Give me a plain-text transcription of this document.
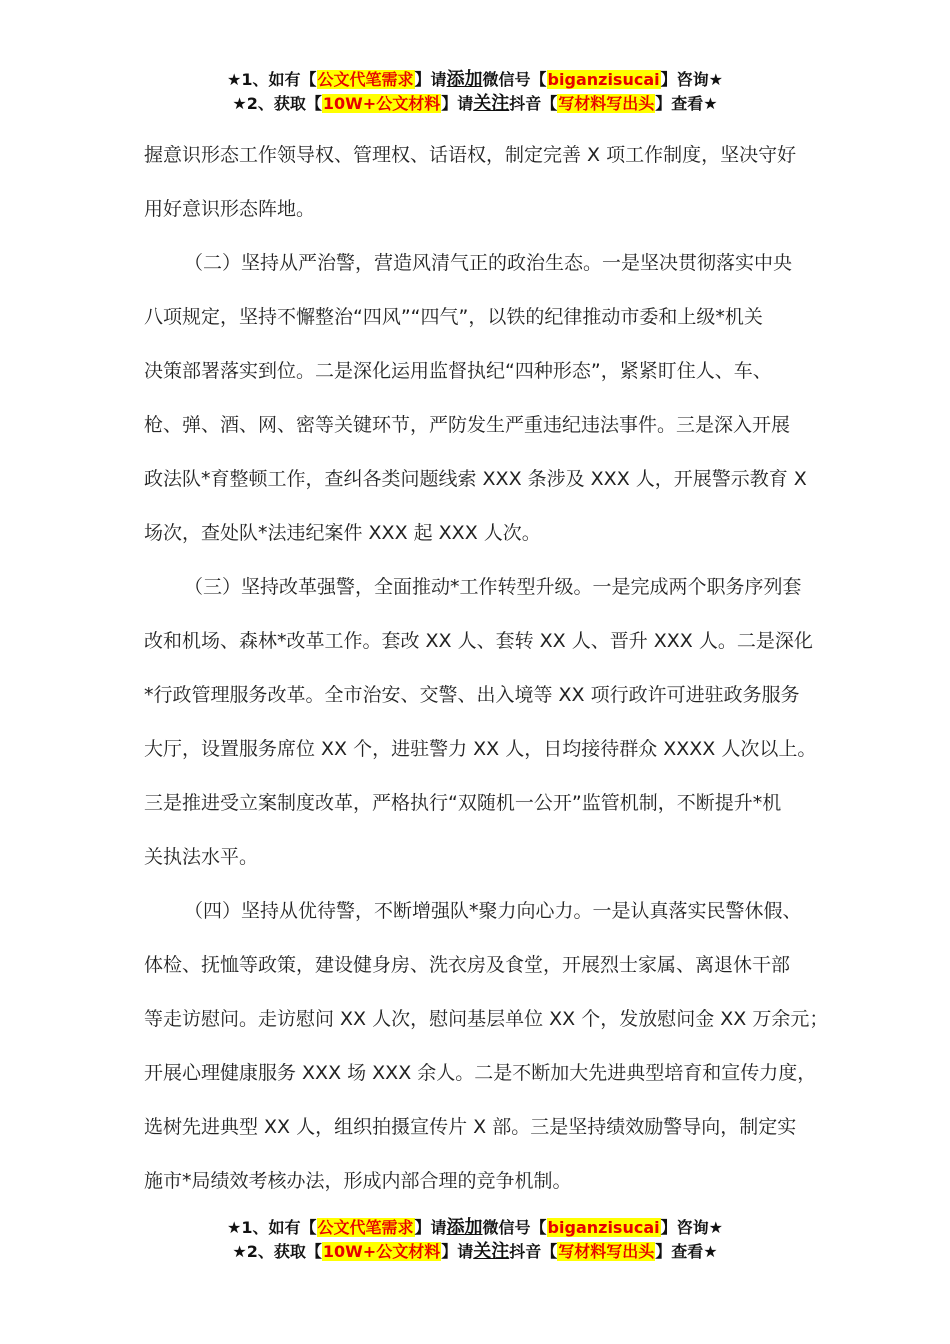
★1、如有【公文代笔需求】请添加微信号【biganzisucai】咨询★
★2、获取【10W+公文材料】请关注抖音【写材料写出头】查看★
握意识形态工作领导权、管理权、话语权，制定完善 X 项工作制度，坚决守好
用好意识形态阵地。
（二）坚持从严治警，营造风清气正的政治生态。一是坚决贯彻落实中央
八项规定，坚持不懈整治“四风”“四气”，以铁的纪律推动市委和上级*机关
决策部署落实到位。二是深化运用监督执纪“四种形态”，紧紧盯住人、车、
枪、弹、酒、网、密等关键环节，严防发生严重违纪违法事件。三是深入开展
政法队*育整顿工作，查纠各类问题线索 XXX 条涉及 XXX 人，开展警示教育 X
场次，查处队*法违纪案件 XXX 起 XXX 人次。
（三）坚持改革强警，全面推动*工作转型升级。一是完成两个职务序列套
改和机场、森林*改革工作。套改 XX 人、套转 XX 人、晋升 XXX 人。二是深化
*行政管理服务改革。全市治安、交警、出入境等 XX 项行政许可进驻政务服务
大厅，设置服务席位 XX 个，进驻警力 XX 人，日均接待群众 XXXX 人次以上。
三是推进受立案制度改革，严格执行“双随机一公开”监管机制，不断提升*机
关执法水平。
（四）坚持从优待警，不断增强队*聚力向心力。一是认真落实民警休假、
体检、抚恤等政策，建设健身房、洗衣房及食堂，开展烈士家属、离退休干部
等走访慰问。走访慰问 XX 人次，慰问基层单位 XX 个，发放慰问金 XX 万余元；
开展心理健康服务 XXX 场 XXX 余人。二是不断加大先进典型培育和宣传力度，
选树先进典型 XX 人，组织拍摄宣传片 X 部。三是坚持绩效励警导向，制定实
施市*局绩效考核办法，形成内部合理的竞争机制。
★1、如有【公文代笔需求】请添加微信号【biganzisucai】咨询★
★2、获取【10W+公文材料】请关注抖音【写材料写出头】查看★
